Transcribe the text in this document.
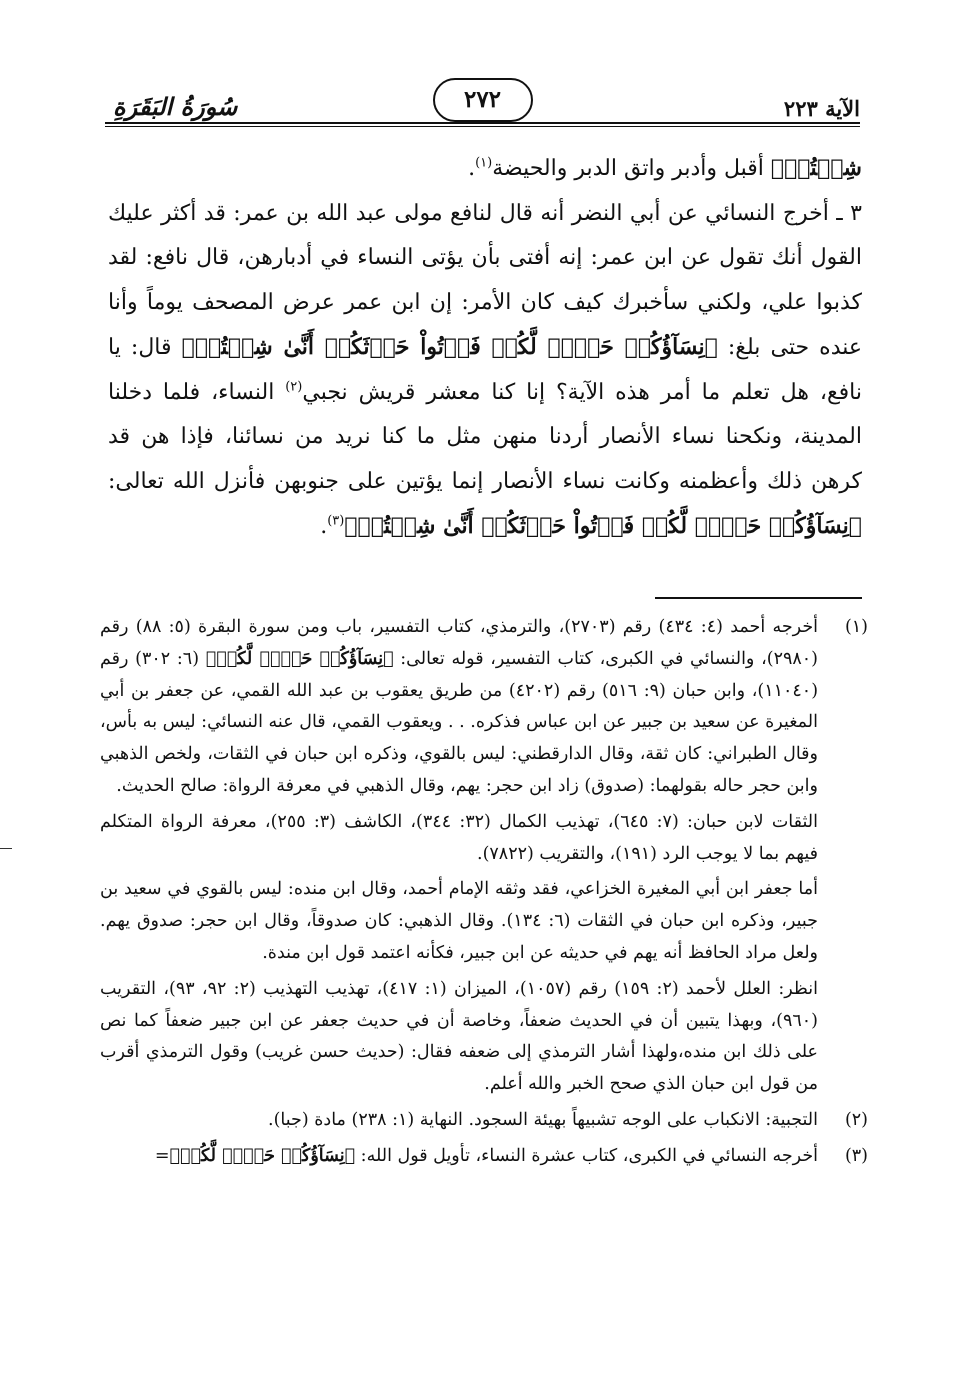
الآية ٢٢٣
٢٧٢
سُورَةُ البَقَرَةِ

شِئۡتُمۡ﴾ أقبل وأدبر واتق الدبر والحيضة$^{(١)}$.

٣ ـ أخرج النسائي عن أبي النضر أنه قال لنافع مولى عبد الله بن عمر: قد أكثر عليك القول أنك تقول عن ابن عمر: إنه أفتى بأن يؤتى النساء في أدبارهن، قال نافع: لقد كذبوا علي، ولكني سأخبرك كيف كان الأمر: إن ابن عمر عرض المصحف يوماً وأنا عنده حتى بلغ: ﴿نِسَآؤُكُمۡ حَرۡثٞ لَّكُمۡ فَأۡتُواْ حَرۡثَكُمۡ أَنَّىٰ شِئۡتُمۡ﴾ قال: يا نافع، هل تعلم ما أمر هذه الآية؟ إنا كنا معشر قريش نجبي$^{(٢)}$ النساء، فلما دخلنا المدينة، ونكحنا نساء الأنصار أردنا منهن مثل ما كنا نريد من نسائنا، فإذا هن قد كرهن ذلك وأعظمنه وكانت نساء الأنصار إنما يؤتين على جنوبهن فأنزل الله تعالى: ﴿نِسَآؤُكُمۡ حَرۡثٞ لَّكُمۡ فَأۡتُواْ حَرۡثَكُمۡ أَنَّىٰ شِئۡتُمۡ﴾$^{(٣)}$.

(١)

أخرجه أحمد (٤: ٤٣٤) رقم (٢٧٠٣)، والترمذي، كتاب التفسير، باب ومن سورة البقرة (٥: ٨٨) رقم (٢٩٨٠)، والنسائي في الكبرى، كتاب التفسير، قوله تعالى: ﴿نِسَآؤُكُمۡ حَرۡثٞ لَّكُمۡ﴾ (٦: ٣٠٢) رقم (١١٠٤٠)، وابن حبان (٩: ٥١٦) رقم (٤٢٠٢) من طريق يعقوب بن عبد الله القمي، عن جعفر بن أبي المغيرة عن سعيد بن جبير عن ابن عباس فذكره. . . ويعقوب القمي، قال عنه النسائي: ليس به بأس، وقال الطبراني: كان ثقة، وقال الدارقطني: ليس بالقوي، وذكره ابن حبان في الثقات، ولخص الذهبي وابن حجر حاله بقولهما: (صدوق) زاد ابن حجر: يهم، وقال الذهبي في معرفة الرواة: صالح الحديث.

الثقات لابن حبان: (٧: ٦٤٥)، تهذيب الكمال (٣٢: ٣٤٤)، الكاشف (٣: ٢٥٥)، معرفة الرواة المتكلم فيهم بما لا يوجب الرد (١٩١)، والتقريب (٧٨٢٢).

أما جعفر ابن أبي المغيرة الخزاعي، فقد وثقه الإمام أحمد، وقال ابن منده: ليس بالقوي في سعيد بن جبير، وذكره ابن حبان في الثقات (٦: ١٣٤). وقال الذهبي: كان صدوقاً، وقال ابن حجر: صدوق يهم. ولعل مراد الحافظ أنه يهم في حديثه عن ابن جبير، فكأنه اعتمد قول ابن مندة.

انظر: العلل لأحمد (٢: ١٥٩) رقم (١٠٥٧)، الميزان (١: ٤١٧)، تهذيب التهذيب (٢: ٩٢، ٩٣)، التقريب (٩٦٠)، وبهذا يتبين أن في الحديث ضعفاً، وخاصة أن في حديث جعفر عن ابن جبير ضعفاً كما نص على ذلك ابن منده،ولهذا أشار الترمذي إلى ضعفه فقال: (حديث حسن غريب) وقول الترمذي أقرب من قول ابن حبان الذي صحح الخبر والله أعلم.

(٢)

التجبية: الانكباب على الوجه تشبيهاً بهيئة السجود. النهاية (١: ٢٣٨) مادة (جبا).

(٣)

أخرجه النسائي في الكبرى، كتاب عشرة النساء، تأويل قول الله: ﴿نِسَآؤُكُمۡ حَرۡثٞ لَّكُمۡ﴾=
